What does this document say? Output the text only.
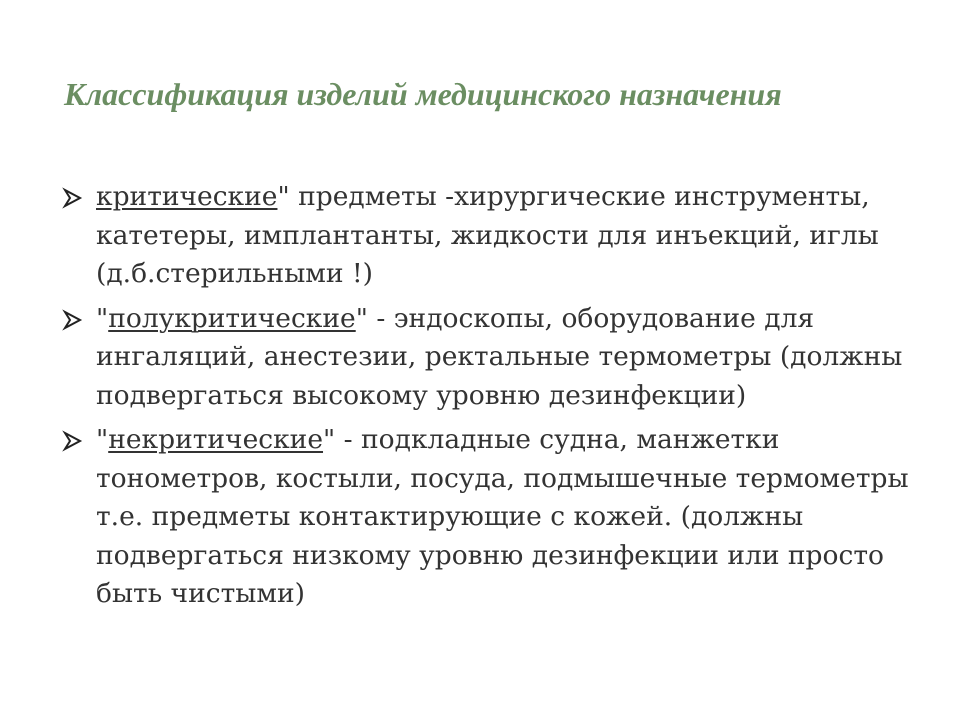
Классификация изделий медицинского назначения
критические" предметы -хирургические инструменты, катетеры, имплантанты, жидкости для инъекций, иглы (д.б.стерильными !)
"полукритические" - эндоскопы, оборудование для ингаляций, анестезии, ректальные термометры (должны подвергаться высокому уровню дезинфекции)
"некритические" - подкладные судна, манжетки тонометров, костыли, посуда, подмышечные термометры т.е. предметы контактирующие с кожей. (должны подвергаться низкому уровню дезинфекции или просто быть чистыми)
